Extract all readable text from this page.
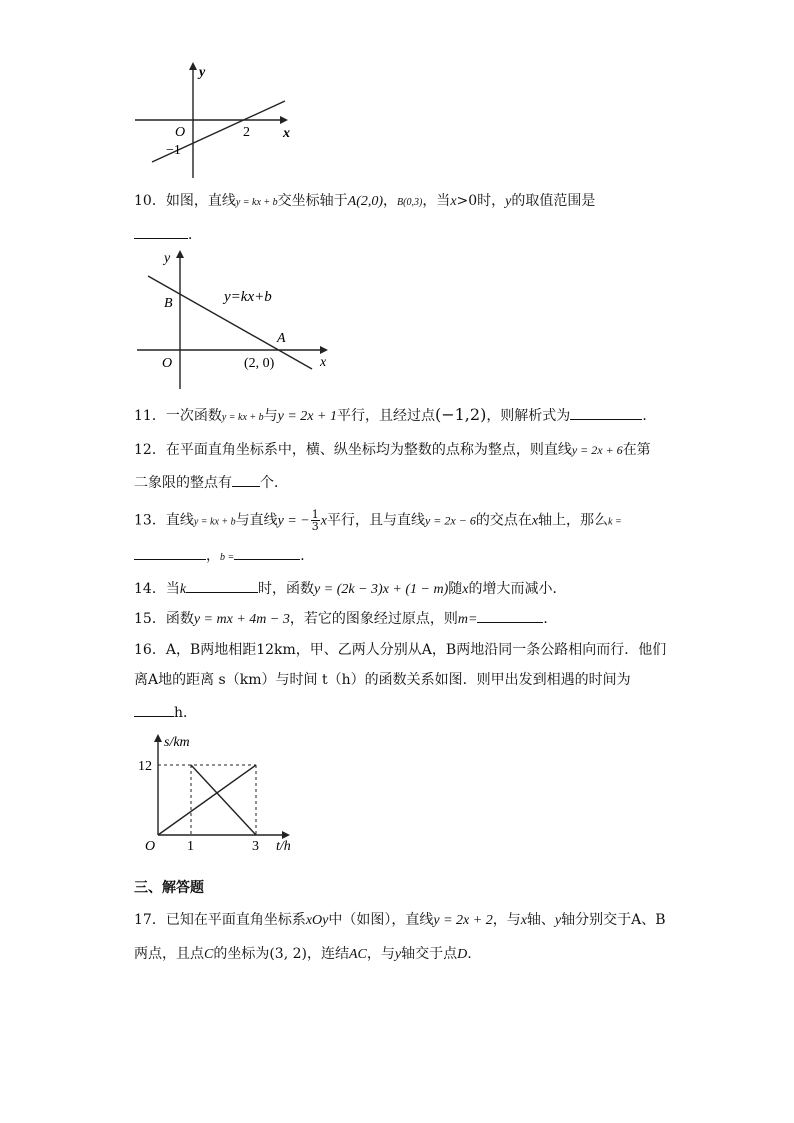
y
x
O	2
−1
10．如图，直线y = kx + b交坐标轴于A(2,0)，B(0,3)，当x>0时，y的取值范围是
．
y
x
O
B
A
y=kx+b
(2, 0)
11．一次函数y = kx + b与y = 2x + 1平行，且经过点(−1,2)，则解析式为	．
12．在平面直角坐标系中，横、纵坐标均为整数的点称为整点，则直线y = 2x + 6在第
二象限的整点有 个．
13．直线y = kx + b与直线y = − $\frac{1}{3}$ x平行，且与直线y = 2x − 6的交点在x轴上，那么k =
，b =	．
14．当k	时，函数y = (2k − 3)x + (1 − m)随x的增大而减小．
15．函数y = mx + 4m − 3，若它的图象经过原点，则m=	．
16．A，B两地相距12km，甲、乙两人分别从A，B两地沿同一条公路相向而行．他们
离A地的距离 s（km）与时间 t（h）的函数关系如图．则甲出发到相遇的时间为
h．
s/km
t/h
O
12
1	3
三、解答题
17．已知在平面直角坐标系xOy中（如图），直线y = 2x + 2，与x轴、y轴分别交于A、B
两点，且点C的坐标为(3, 2)，连结AC，与y轴交于点D.
